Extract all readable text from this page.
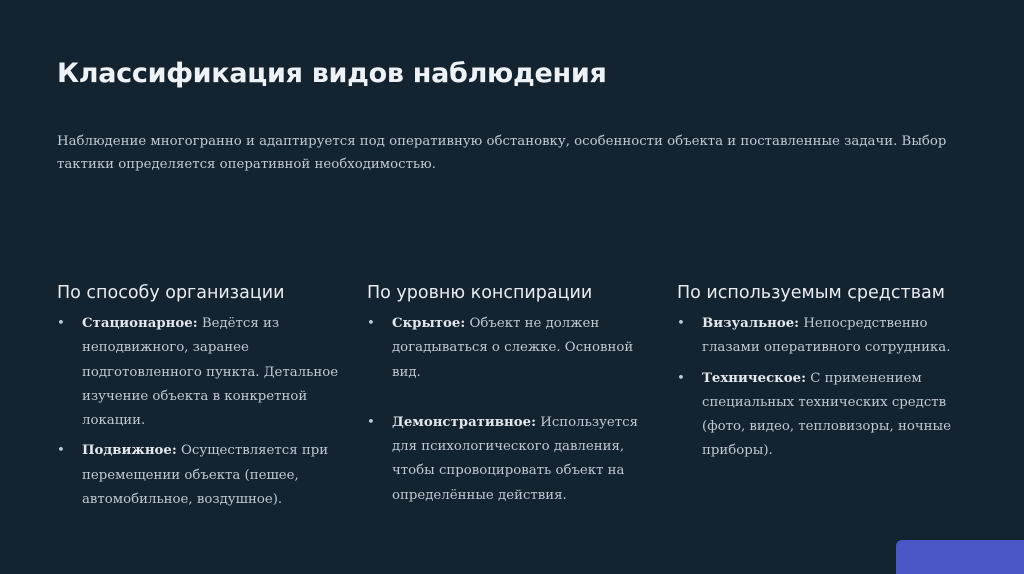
Классификация видов наблюдения
Наблюдение многогранно и адаптируется под оперативную обстановку, особенности объекта и поставленные задачи. Выбор тактики определяется оперативной необходимостью.
По способу организации
• Стационарное: Ведётся из неподвижного, заранее подготовленного пункта. Детальное изучение объекта в конкретной локации.
• Подвижное: Осуществляется при перемещении объекта (пешее, автомобильное, воздушное).
По уровню конспирации
• Скрытое: Объект не должен догадываться о слежке. Основной вид.
• Демонстративное: Используется для психологического давления, чтобы спровоцировать объект на определённые действия.
По используемым средствам
• Визуальное: Непосредственно глазами оперативного сотрудника.
• Техническое: С применением специальных технических средств (фото, видео, тепловизоры, ночные приборы).
